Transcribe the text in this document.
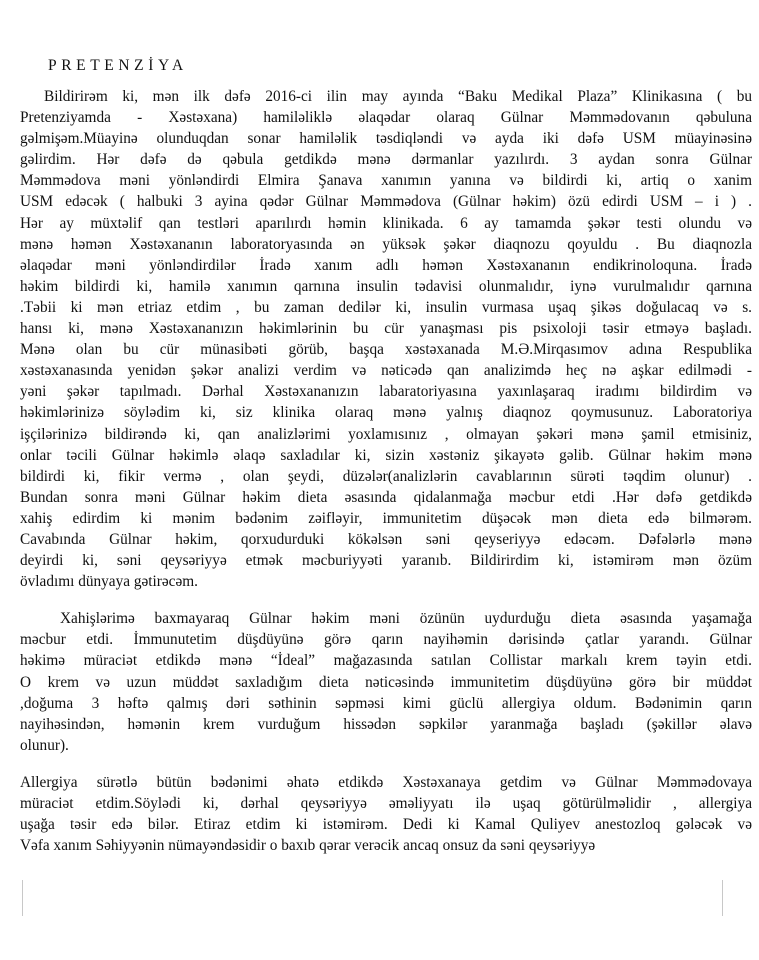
PRETENZİYA
Bildirirəm ki, mən ilk dəfə 2016-ci ilin may ayında “Baku Medikal Plaza” Klinikasına ( bu
Pretenziyamda - Xəstəxana) hamiləliklə əlaqədar olaraq Gülnar Məmmədovanın qəbuluna
gəlmişəm.Müayinə olunduqdan sonar hamiləlik təsdiqləndi və ayda iki dəfə USM müayinəsinə
gəlirdim. Hər dəfə də qəbula getdikdə mənə dərmanlar yazılırdı. 3 aydan sonra Gülnar
Məmmədova məni yönləndirdi Elmira Şanava xanımın yanına və bildirdi ki, artiq o xanim
USM edəcək ( halbuki 3 ayina qədər Gülnar Məmmədova (Gülnar həkim) özü edirdi USM – i ) .
Hər ay müxtəlif qan testləri aparılırdı həmin klinikada. 6 ay tamamda şəkər testi olundu və
mənə həmən Xəstəxananın laboratoryasında ən yüksək şəkər diaqnozu qoyuldu . Bu diaqnozla
əlaqədar məni yönləndirdilər İradə xanım adlı həmən Xəstəxananın endikrinoloquna. İradə
həkim bildirdi ki, hamilə xanımın qarnına insulin tədavisi olunmalıdır, iynə vurulmalıdır qarnına
.Təbii ki mən etriaz etdim , bu zaman dedilər ki, insulin vurmasa uşaq şikəs doğulacaq və s.
hansı ki, mənə Xəstəxananızın həkimlərinin bu cür yanaşması pis psixoloji təsir etməyə başladı.
Mənə olan bu cür münasibəti görüb, başqa xəstəxanada M.Ə.Mirqasımov adına Respublika
xəstəxanasında yenidən şəkər analizi verdim və nəticədə qan analizimdə heç nə aşkar edilmədi -
yəni şəkər tapılmadı. Dərhal Xəstəxananızın labaratoriyasına yaxınlaşaraq iradımı bildirdim və
həkimlərinizə söylədim ki, siz klinika olaraq mənə yalnış diaqnoz qoymusunuz. Laboratoriya
işçilərinizə bildirəndə ki, qan analizlərimi yoxlamısınız , olmayan şəkəri mənə şamil etmisiniz,
onlar təcili Gülnar həkimlə əlaqə saxladılar ki, sizin xəstəniz şikayətə gəlib. Gülnar həkim mənə
bildirdi ki, fikir vermə , olan şeydi, düzələr(analizlərin cavablarının sürəti təqdim olunur) .
Bundan sonra məni Gülnar həkim dieta əsasında qidalanmağa məcbur etdi .Hər dəfə getdikdə
xahiş edirdim ki mənim bədənim zəifləyir, immunitetim düşəcək mən dieta edə bilmərəm.
Cavabında Gülnar həkim, qorxudurduki kökəlsən səni qeyseriyyə edəcəm. Dəfələrlə mənə
deyirdi ki, səni qeysəriyyə etmək məcburiyyəti yaranıb. Bildirirdim ki, istəmirəm mən özüm
övladımı dünyaya gətirəcəm.
Xahişlərimə baxmayaraq Gülnar həkim məni özünün uydurduğu dieta əsasında yaşamağa
məcbur etdi. İmmunutetim düşdüyünə görə qarın nayihəmin dərisində çatlar yarandı. Gülnar
həkimə müraciət etdikdə mənə “İdeal” mağazasında satılan Collistar markalı krem təyin etdi.
O krem və uzun müddət saxladığım dieta nəticəsində immunitetim düşdüyünə görə bir müddət
,doğuma 3 həftə qalmış dəri səthinin səpməsi kimi güclü allergiya oldum. Bədənimin qarın
nayihəsindən, həmənin krem vurduğum hissədən səpkilər yaranmağa başladı (şəkillər əlavə
olunur).
Allergiya sürətlə bütün bədənimi əhatə etdikdə Xəstəxanaya getdim və Gülnar Məmmədovaya
müraciət etdim.Söylədi ki, dərhal qeysəriyyə əməliyyatı ilə uşaq götürülməlidir , allergiya
uşağa təsir edə bilər. Etiraz etdim ki istəmirəm. Dedi ki Kamal Quliyev anestozloq gələcək və
Vəfa xanım Səhiyyənin nümayəndəsidir o baxıb qərar verəcik ancaq onsuz da səni qeysəriyyə
